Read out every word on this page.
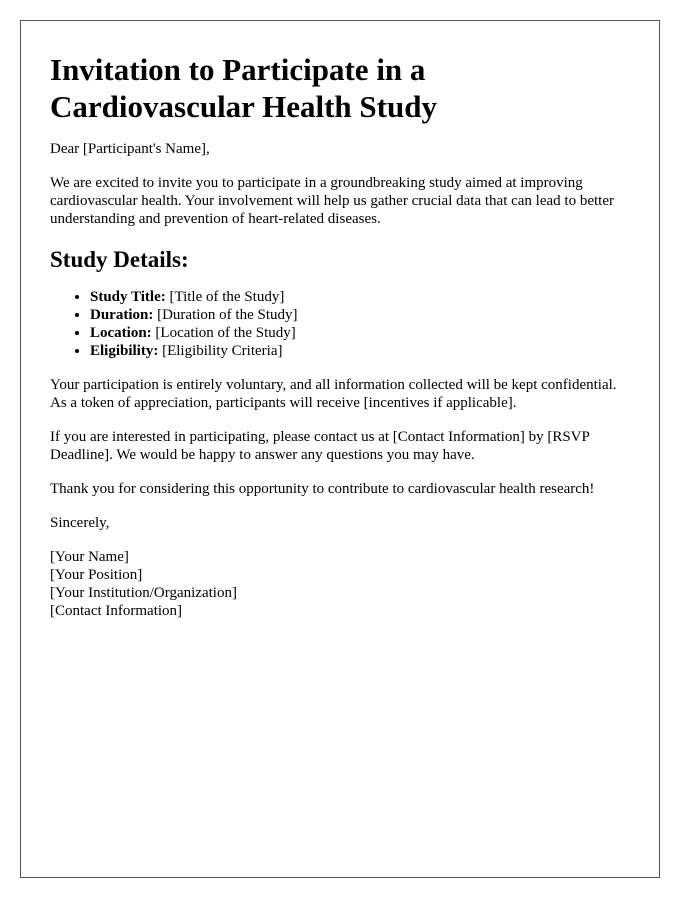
Invitation to Participate in a Cardiovascular Health Study

Dear [Participant's Name],

We are excited to invite you to participate in a groundbreaking study aimed at improving cardiovascular health. Your involvement will help us gather crucial data that can lead to better understanding and prevention of heart-related diseases.

Study Details:
• Study Title: [Title of the Study]
• Duration: [Duration of the Study]
• Location: [Location of the Study]
• Eligibility: [Eligibility Criteria]

Your participation is entirely voluntary, and all information collected will be kept confidential. As a token of appreciation, participants will receive [incentives if applicable].

If you are interested in participating, please contact us at [Contact Information] by [RSVP Deadline]. We would be happy to answer any questions you may have.

Thank you for considering this opportunity to contribute to cardiovascular health research!

Sincerely,

[Your Name]
[Your Position]
[Your Institution/Organization]
[Contact Information]
